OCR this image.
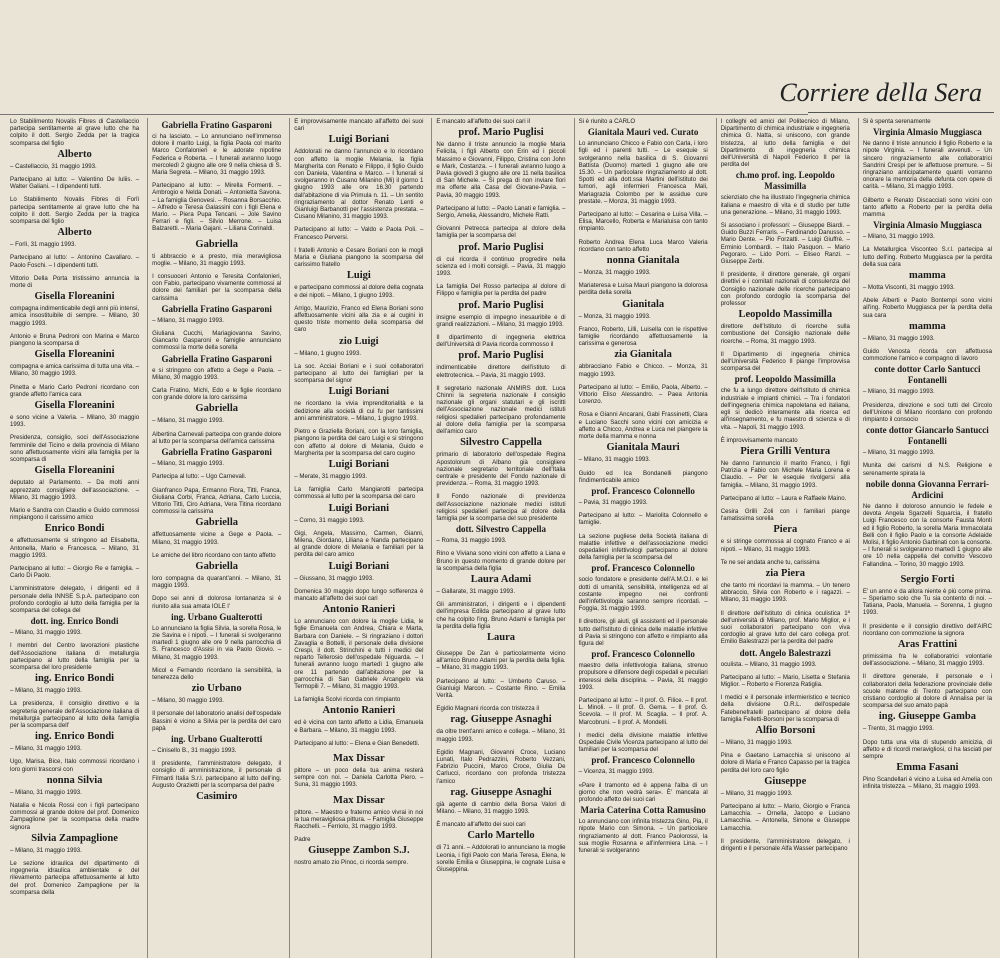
Corriere della Sera
Lo Stabilimento Novalis Fibres di Castellaccio partecipa sentitamente al grave lutto che ha colpito il dott. Sergio Zedda per la tragica scomparsa del figlio
Alberto
– Castellaccio, 31 maggio 1993.
Partecipano al lutto: – Valentino De Iuliis. – Walter Galiani. – I dipendenti tutti.
Lo Stabilimento Novalis Fibres di Forlì partecipa sentitamente al grave lutto che ha colpito il dott. Sergio Zedda per la tragica scomparsa del figlio
Alberto
– Forlì, 31 maggio 1993.
Partecipano al lutto: – Antonino Cavallaro. – Paolo Foschi. – I dipendenti tutti.
Vittorio Della Porta tristissimo annuncia la morte di
Gisella Floreanini
compagna indimenticabile degli anni più intensi, amica insostituibile di sempre. – Milano, 30 maggio 1993.
Antonio e Bruna Pedroni con Marina e Marco piangono la scomparsa di
Gisella Floreanini
compagna e amica carissima di tutta una vita. – Milano, 30 maggio 1993.
Pinetta e Mario Carlo Pedroni ricordano con grande affetto l'amica cara
Gisella Floreanini
e sono vicine a Valeria. – Milano, 30 maggio 1993.
Presidenza, consiglio, soci dell'Associazione femminile del Ticino e della provincia di Milano sono affettuosamente vicini alla famiglia per la scomparsa di
Gisella Floreanini
deputato al Parlamento. – Da molti anni apprezzato consigliere dell'associazione. – Milano, 31 maggio 1993.
Mario e Sandra con Claudio e Guido commossi rimpiangono il carissimo amico
Enrico Bondi
e affettuosamente si stringono ad Elisabetta, Antonella, Mario e Francesca. – Milano, 31 maggio 1993.
Partecipano al lutto: – Giorgio Re e famiglia. – Carlo Di Paolo.
L'amministratore delegato, i dirigenti ed il personale della INNSE S.p.A. partecipano con profondo cordoglio al lutto della famiglia per la scomparsa del collega del
dott. ing. Enrico Bondi
– Milano, 31 maggio 1993.
I membri del Centro lavorazioni plastiche dell'Associazione italiana di metallurgia partecipano al lutto della famiglia per la scomparsa del loro presidente
ing. Enrico Bondi
– Milano, 31 maggio 1993.
La presidenza, il consiglio direttivo e la segreteria generale dell'Associazione italiana di metallurgia partecipano al lutto della famiglia per la scomparsa dell'
ing. Enrico Bondi
– Milano, 31 maggio 1993.
Ugo, Marisa, Bice, Italo commossi ricordano i loro giorni trascorsi con
nonna Silvia
– Milano, 31 maggio 1993.
Natalia e Nicola Rossi con i figli partecipano commossi al grande dolore del prof. Domenico Zampaglione per la scomparsa della madre signora
Silvia Zampaglione
– Milano, 31 maggio 1993.
Le sezione idraulica del dipartimento di ingegneria idraulica ambientale e del rilevamento partecipa affettuosamente al lutto del prof. Domenico Zampaglione per la scomparsa della
Gabriella Fratino Gasparoni
ci ha lasciato. – Lo annunciano nell'immenso dolore il marito Luigi, la figlia Paola col marito Marco Confalonieri e le adorate nipotine Federica e Roberta. – I funerali avranno luogo mercoledì 2 giugno alle ore 9 nella chiesa di S. Maria Segreta. – Milano, 31 maggio 1993.
Partecipano al lutto: – Mirella Formenti. – Ambrogio e Nelda Donati. – Antonietta Savona. – La famiglia Genovesi. – Rosanna Borsacchio. – Alfredo e Teresa Galassini con i figli Elena e Mario. – Piera Pupa Tencani. – Jole Savino Ferrari e figli. – Silvio Merrone. – Luisa Balzaretti. – Maria Gajani. – Liliana Corinaldi.
Gabriella
ti abbraccio e a presto, mia meravigliosa moglie. – Milano, 31 maggio 1993.
I consuoceri Antonio e Teresita Confalonieri, con Fabio, partecipano vivamente commossi al dolore dei familiari per la scomparsa della carissima
Gabriella Fratino Gasparoni
– Milano, 31 maggio 1993.
Giuliana Cucchi, Mariagiovanna Savino, Giancarlo Gasparoni e famiglie annunciano commossi la morte della sorella
Gabriella Fratino Gasparoni
e si stringono con affetto a Gege e Paola. – Milano, 30 maggio 1993.
Carla Fratino, Michi, Edo e le figlie ricordano con grande dolore la loro carissima
Gabriella
– Milano, 31 maggio 1993.
Albertina Carnevali partecipa con grande dolore al lutto per la scomparsa dell'amica carissima
Gabriella Fratino Gasparoni
– Milano, 31 maggio 1993.
Partecipa al lutto: – Ugo Carnevali.
Gianfranco Papa, Ermanno Flora, Titti, Franca, Giuliana Corbi, Franca, Adriana, Carlo Luccia, Vittorio Titti, Ciro Adriana, Vera Titina ricordano commossi la carissima
Gabriella
affettuosamente vicine a Gege e Paola. – Milano, 31 maggio 1993.
Le amiche del libro ricordano con tanto affetto
Gabriella
loro compagna da quarant'anni. – Milano, 31 maggio 1993.
Dopo sei anni di dolorosa lontananza si è riunito alla sua amata IOLE l'
ing. Urbano Gualterotti
Lo annunciano la figlia Silvia, la sorella Rosa, le zie Savina e i nipoti. – I funerali si svolgeranno martedì 1 giugno alle ore 9 nella parrocchia di S. Francesco d'Assisi in via Paolo Giovio. – Milano, 31 maggio 1993.
Micol e Fernando ricordano la sensibilità, la tenerezza dello
zio Urbano
– Milano, 30 maggio 1993.
Il personale del laboratorio analisi dell'ospedale Bassini è vicino a Silvia per la perdita del caro papà
ing. Urbano Gualterotti
– Cinisello B., 31 maggio 1993.
Il presidente, l'amministratore delegato, il consiglio di amministrazione, il personale di Filmanti Italia S.r.l. partecipano al lutto dell'ing. Augusto Orazietti per la scomparsa del padre
Casimiro
È improvvisamente mancato all'affetto dei suoi cari
Luigi Boriani
Addolorati ne danno l'annuncio e lo ricordano con affetto la moglie Melania, la figlia Margherita con Renato e Filippo, il figlio Guido con Daniela, Valentina e Marco. – I funerali si svolgeranno in Cusano Milanino (Mi) il giorno 1 giugno 1993 alle ore 16.30 partendo dall'abitazione di via Primula n. 11. – Un sentito ringraziamento al dottor Renato Lenti e Gianluigi Barbanotti per l'assistenza prestata. – Cusano Milanino, 31 maggio 1993.
Partecipano al lutto: – Valdo e Paola Poli. – Francesco Perversi.
I fratelli Antonio e Cesare Boriani con le mogli Maria e Giuliana piangono la scomparsa del carissimo fratello
Luigi
e partecipano commossi al dolore della cognata e dei nipoti. – Milano, 1 giugno 1993.
Arrigo, Maurizio, Franco ed Elena Boriani sono affettuosamente vicini alla zia e ai cugini in questo triste momento della scomparsa del caro
zio Luigi
– Milano, 1 giugno 1993.
La soc. Acciai Boriani e i suoi collaboratori partecipano al lutto dei famigliari per la scomparsa del signor
Luigi Boriani
ne ricordano la vivia imprenditorialità e la dedizione alla società di cui fu per tantissimi anni amministratore. – Milano, 1 giugno 1993.
Pietro e Graziella Boriani, con la loro famiglia, piangono la perdita del caro Luigi e si stringono con affetto al dolore di Melania, Guido e Margherita per la scomparsa del caro cugino
Luigi Boriani
– Merate, 31 maggio 1993.
La famiglia Carlo Mangiarotti partecipa commossa al lutto per la scomparsa del caro
Luigi Boriani
– Como, 31 maggio 1993.
Gigi, Angela, Massimo, Carmen, Gianni, Milena, Giordano, Liliana e Nanda partecipano al grande dolore di Melania e familiari per la perdita del caro amico
Luigi Boriani
– Giussano, 31 maggio 1993.
Domenica 30 maggio dopo lungo sofferenza è mancato all'affetto dei suoi cari
Antonio Ranieri
Lo annunciano con dolore la moglie Lidia, le figlie Emanuela con Andrea, Chiara e Marta, Barbara con Daniele. – Si ringraziano i dottori Zavaglia e Bottelli, il personale della divisione Crespi, il dott. Strinchini e tutti i medici del reparto Tellerosio dell'ospedale Niguarda. – I funerali avranno luogo martedì 1 giugno alle ore 11 partendo dall'abitazione per la parrocchia di San Gabriele Arcangelo via Termopili 7. – Milano, 31 maggio 1993.
La famiglia Scolvi ricorda con rimpianto
Antonio Ranieri
ed è vicina con tanto affetto a Lidia, Emanuela e Barbara. – Milano, 31 maggio 1993.
Partecipano al lutto: – Elena e Gian Benedetti.
Max Dissar
pittore – un poco della tua anima resterà sempre con noi. – Daniela Carlotta Piero. – Suna, 31 maggio 1993.
Max Dissar
pittore. – Maestro e fraterno amico vivrai in noi la tua meravigliosa pittura. – Famiglia Giuseppe Racchelli. – Ferriolo, 31 maggio 1993.
Padre
Giuseppe Zambon S.J.
nostro amato zio Pinoc, ci ricorda sempre.
È mancato all'affetto dei suoi cari il
prof. Mario Puglisi
Ne danno il triste annuncio la moglie Maria Felicita, i figli Alberto con Erin ed i piccoli Massimo e Giovanni, Filippo, Cristina con John e Mark, Costanza. – I funerali avranno luogo a Pavia giovedì 3 giugno alle ore 11 nella basilica di San Michele. – Si prega di non inviare fiori ma offerte alla Casa del Giovane-Pavia. – Pavia, 30 maggio 1993.
Partecipano al lutto: – Paolo Lanati e famiglia. – Sergio, Amelia, Alessandro, Michele Ratti.
Giovanni Petrecca partecipa al dolore della famiglia per la scomparsa del
prof. Mario Puglisi
di cui ricorda il continuo progredire nella scienza ed i molti consigli. – Pavia, 31 maggio 1993.
La famiglia Del Rosso partecipa al dolore di Filippo e famiglia per la perdita del padre
prof. Mario Puglisi
insigne esempio di impegno inesauribile e di grandi realizzazioni. – Milano, 31 maggio 1993.
Il dipartimento di ingegneria elettrica dell'Università di Pavia ricorda commosso il
prof. Mario Puglisi
indimenticabile direttore dell'istituto di elettrotecnica. – Pavia, 31 maggio 1993.
Il segretario nazionale ANMIRS dott. Luca Chinni la segreteria nazionale il consiglio nazionale gli organi statutari e gli iscritti dell'Associazione nazionale medici istituti religiosi spedalieri partecipano profondamente al dolore della famiglia per la scomparsa dell'amico caro
Silvestro Cappella
primario di laboratorio dell'ospedale Regina Apostolorum di Albano già consigliere nazionale segretario territoriale dell'Italia centrale e presidente del Fondo nazionale di previdenza. – Roma, 31 maggio 1993.
Il Fondo nazionale di previdenza dell'Associazione nazionale medici istituti religiosi spedalieri partecipa al dolore della famiglia per la scomparsa del suo presidente
dott. Silvestro Cappella
– Roma, 31 maggio 1993.
Rino e Viviana sono vicini con affetto a Liana e Bruno in questo momento di grande dolore per la scomparsa della figlia
Laura Adami
– Gallarate, 31 maggio 1993.
Gli amministratori, i dirigenti e i dipendenti dell'impresa Edilda partecipano al grave lutto che ha colpito l'ing. Bruno Adami e famiglia per la perdita della figlia
Laura
Giuseppe De Zan è particolarmente vicino all'amico Bruno Adami per la perdita della figlia. – Milano, 31 maggio 1993.
Partecipano al lutto: – Umberto Caruso. – Gianluigi Marcon. – Costante Rino. – Emilia Verità.
Egidio Magnani ricorda con tristezza il
rag. Giuseppe Asnaghi
da oltre trent'anni amico e collega. – Milano, 31 maggio 1993.
Egidio Magnani, Giovanni Croce, Luciano Lunati, Italo Pedrazzini, Roberto Vezzani, Fabrizio Puccini, Marco Croce, Giulia De Carlucci, ricordano con profonda tristezza l'amico
rag. Giuseppe Asnaghi
già agente di cambio della Borsa Valori di Milano. – Milano, 31 maggio 1993.
È mancato all'affetto dei suoi cari
Carlo Martello
di 71 anni. – Addolorati lo annunciano la moglie Leonia, i figli Paolo con Maria Teresa, Elena, le sorelle Emilia e Giuseppina, le cognate Luisa e Giuseppina.
Si è riunito a CARLO
Gianitala Mauri ved. Curato
Lo annunciano Chicco e Fabio con Carla, i loro figli ed i parenti tutti. – Le esequie si svolgeranno nella basilica di S. Giovanni Battista (Duomo) martedì 1 giugno alle ore 15.30. – Un particolare ringraziamento al dott. Spotti ed alla dott.ssa Martini dell'istituto dei tumori, agli infermieri Francesca Mali, Mariagrazia Colombo per le assidue cure prestate. – Monza, 31 maggio 1993.
Partecipano al lutto: – Cesarina e Luisa Villa. – Elisa, Marcello, Roberta e Marialuisa con tanto rimpianto.
Roberto Andrea Elena Luca Marco Valeria ricordano con tanto affetto
nonna Gianitala
– Monza, 31 maggio 1993.
Mariateresa e Luisa Mauri piangono la dolorosa perdita della sorella
Gianitala
– Monza, 31 maggio 1993.
Franco, Roberto, Lilli, Luisella con le rispettive famiglie ricordando affettuosamente la carissima e generosa
zia Gianitala
abbracciano Fabio e Chicco. – Monza, 31 maggio 1993.
Partecipano al lutto: – Emilio, Paola, Alberto. – Vittorio Eliso Alessandro. – Paea Antonia Lorenzo.
Rosa e Gianni Ancarani, Gabi Frassinetti, Clara e Luciano Sacchi sono vicini con amicizia e affetto a Chicco, Andrea e Luca nel piangere la morte della mamma e nonna
Gianitala Mauri
– Milano, 31 maggio 1993.
Guido ed Ica Bondanelli piangono l'indimenticabile amico
prof. Francesco Colonnello
– Pavia, 31 maggio 1993.
Partecipano al lutto: – Mariolita Colonnello e famiglie.
La sezione pugliese della Società italiana di malattie infettive e dell'associazione medici ospedalieri infettivologi partecipano al dolore della famiglia per la scomparsa del
prof. Francesco Colonnello
socio fondatore e presidente dell'A.M.O.I. e lei dotti di umanità, sensibilità, intelligenza ed al costante impegno nei confronti dell'infettivologia saranno sempre ricordati. – Foggia, 31 maggio 1993.
Il direttore, gli aiuti, gli assistenti ed il personale tutto dell'Istituto di clinica delle malattie infettive di Pavia si stringono con affetto e rimpianto alla figura del
prof. Francesco Colonnello
maestro della infettivologia italiana, strenuo propulsore e difensore degli ospedali e peculiari interessi della disciplina. – Pavia, 31 maggio 1993.
Partecipano al lutto: – Il prof. G. Filice. – Il prof. L. Minoli. – Il prof. G. Gema. – Il prof. G. Scevola. – Il prof. M. Scaglia. – Il prof. A. Marcobruni. – Il prof. A. Mondelli.
I medici della divisione malattie infettive Ospedale Civile Vicenza partecipano al lutto dei familiari per la scomparsa del
prof. Francesco Colonnello
– Vicenza, 31 maggio 1993.
«Pare il tramonto ed è appena l'alba di un giorno che non vedrà sera». È' mancata al profondo affetto dei suoi cari
Maria Caterina Cotta Ramusino
Lo annunciano con infinita tristezza Gino, Pia, il nipote Mario con Simona. – Un particolare ringraziamento al dott. Franco Paolorossi, la sua moglie Rosanna e all'infermiera Lina. – I funerali si svolgeranno
I colleghi ed amici del Politecnico di Milano, Dipartimento di chimica industriale e ingegneria chimica G. Natta, si uniscono, con grande tristezza, al lutto della famiglia e del Dipartimento di ingegneria chimica dell'Università di Napoli Federico II per la perdita del
ch.mo prof. ing. Leopoldo Massimilla
scienziato che ha illustrato l'ingegneria chimica italiana e maestro di vita e di studio per tutte una generazione. – Milano, 31 maggio 1993.
Si associano i professori: – Giuseppe Biardi. – Guido Buzzi Ferraris. – Ferdinando Danusso. – Mario Dente. – Pio Forzatti. – Luigi Giuffrè. – Erminio Lombardi. – Italo Pasquon. – Mario Pegoraro. – Lido Porri. – Eliseo Ranzi. – Giuseppe Zerbi.
Il presidente, il direttore generale, gli organi direttivi e i comitati nazionali di consulenza del Consiglio nazionale delle ricerche partecipano con profondo cordoglio la scomparsa del professor
Leopoldo Massimilla
direttore dell'Istituto di ricerche sulla combustione del Consiglio nazionale delle ricerche. – Roma, 31 maggio 1993.
Il Dipartimento di ingegneria chimica dell'Università Federico II piange l'improvvisa scomparsa del
prof. Leopoldo Massimilla
che fu a lungo direttore dell'Istituto di chimica industriale e impianti chimici. – Tra i fondatori dell'ingegneria chimica napoletana ed italiana, egli si dedicò interamente alla ricerca ed all'insegnamento, e fu maestro di scienza e di vita. – Napoli, 31 maggio 1993.
È improvvisamente mancato
Piera Grilli Ventura
Ne danno l'annuncio il marito Franco, i figli Patrizia e Fabio con Michele Maria Lorena e Claudio. – Per le esequie rivolgersi alla famiglia. – Milano, 31 maggio 1993.
Partecipano al lutto: – Laura e Raffaele Maino.
Cesira Grilli Zoli con i familiari piange l'amatissima sorella
Piera
e si stringe commossa al cognato Franco e ai nipoti. – Milano, 31 maggio 1993.
Te ne sei andata anche tu, carissima
zia Piera
che tanto mi ricordavi la mamma. – Un tenero abbraccio, Silvia con Roberto e i ragazzi. – Milano, 31 maggio 1993.
Il direttore dell'Istituto di clinica oculistica 1ª dell'università di Milano, prof. Mario Miglior, e i suoi collaboratori partecipano con viva cordoglio al grave lutto del caro collega prof. Emilio Balestrazzi per la perdita del padre
dott. Angelo Balestrazzi
oculista. – Milano, 31 maggio 1993.
Partecipano al lutto: – Mario, Lisetta e Stefania Miglior. – Roberto e Fiorenza Ratiglia.
I medici e il personale infermieristico e tecnico della divisione O.R.L. dell'ospedale Fatebenefratelli partecipano al dolore della famiglia Felletti-Borsoni per la scomparsa di
Alfio Borsoni
– Milano, 31 maggio 1993.
Pina e Gaetano Lamacchia si uniscono al dolore di Maria e Franco Capasso per la tragica perdita del loro caro figlio
Giuseppe
– Milano, 31 maggio 1993.
Partecipano al lutto: – Mario, Giorgio e Franca Lamacchia. – Ornella, Jacopo e Luciano Lamacchia. – Antonella, Simone e Giuseppe Lamacchia.
Il presidente, l'amministratore delegato, i dirigenti e il personale Alfa Wasser partecipano
Si è spenta serenamente
Virginia Almasio Muggiasca
Ne danno il triste annuncio il figlio Roberto e la nipote Virginia. – I funerali avvenuti. – Un sincero ringraziamento alle collaboratrici Sandrini Crespi per le affettuose premure. – Si ringraziano anticipatamente quanti vorranno onorare la memoria della defunta con opere di carità. – Milano, 31 maggio 1993.
Gilberto e Renato Discacciati sono vicini con tanto affetto a Roberto per la perdita della mamma
Virginia Almasio Muggiasca
– Milano, 31 maggio 1993.
La Metallurgica Visconteo S.r.l. partecipa al lutto dell'ing. Roberto Muggiasca per la perdita della sua cara
mamma
– Motta Visconti, 31 maggio 1993.
Abele Alberti e Paolo Bontempi sono vicini all'ing. Roberto Muggiasca per la perdita della sua cara
mamma
– Milano, 31 maggio 1993.
Guido Venosta ricorda con affettuosa commozione l'amico e compagno di lavoro
conte dottor Carlo Santucci Fontanelli
– Milano, 31 maggio 1993.
Presidenza, direzione e soci tutti del Circolo dell'Unione di Milano ricordano con profondo rimpianto il consocio
conte dottor Giancarlo Santucci Fontanelli
– Milano, 31 maggio 1993.
Munita dei carismi di N.S. Religione e serenamente spirata la
nobile donna Giovanna Ferrari-Ardicini
Ne danno il doloroso annuncio le fedele e devota Angela Sgarzelli Squarcia, il fratello Luigi Francesco con la consorte Fausta Monti ed il figlio Roberto, la sorella Maria Immacolata Belli con il figlio Paolo e la consorte Adelaide Molisi, il figlio Antonio Garbinati con la consorte. – I funerali si svolgeranno martedì 1 giugno alle ore 10 nella cappella del convitto Vescovo Fallandina. – Torino, 30 maggio 1993.
Sergio Forti
E' un anno e da allora niente è più come prima. – Speriamo solo che Tu sia contento di noi. – Tatiana, Paola, Manuela. – Sorenna, 1 giugno 1993.
Il presidente e il consiglio direttivo dell'AIRC ricordano con commozione la signora
Aras Frattini
primissima fra le collaboratrici volontarie dell'associazione. – Milano, 31 maggio 1993.
Il direttore generale, il personale e i collaboratori della federazione provinciale delle scuole materne di Trento partecipano con cristiano cordoglio al dolore di Annalisa per la scomparsa del suo amato papà
ing. Giuseppe Gamba
– Trento, 31 maggio 1993.
Dopo tutta una vita di stupendo amicizia, di affetto e di ricordi meravigliosi, ci ha lasciati per sempre
Emma Fasani
Pino Scandellari è vicino a Luisa ed Amelia con infinita tristezza. – Milano, 31 maggio 1993.
